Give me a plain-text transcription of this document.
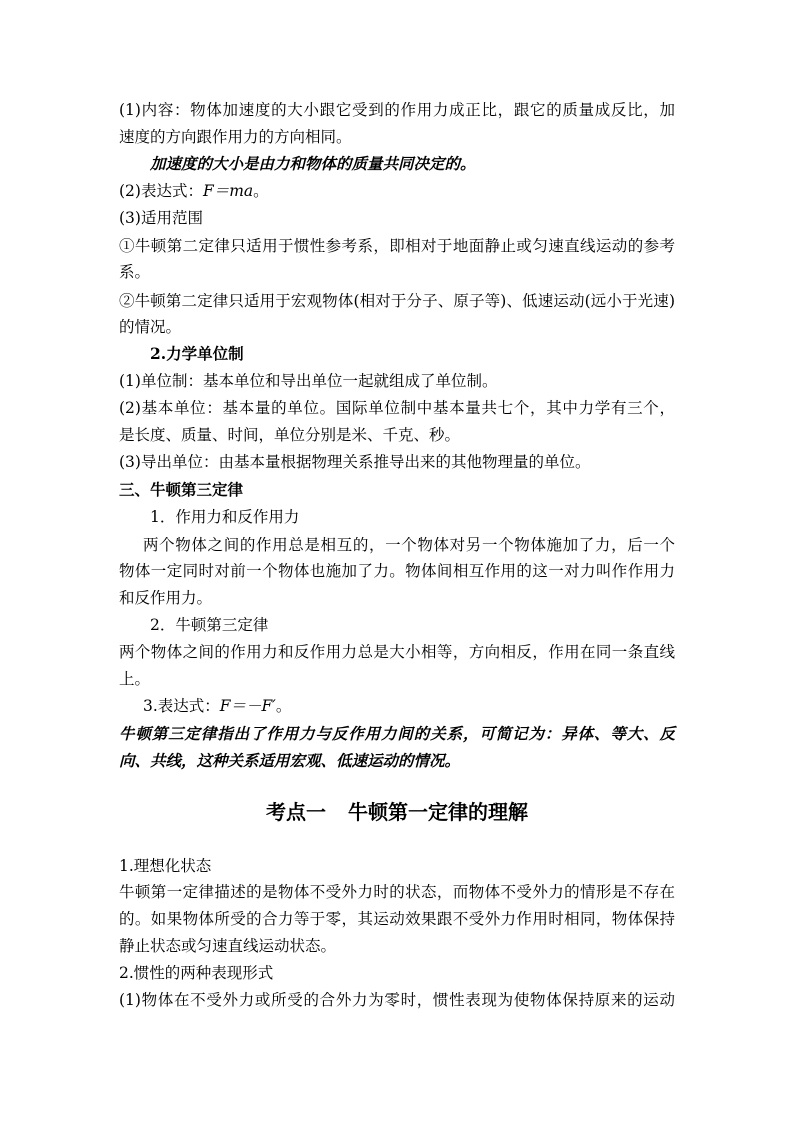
(1)内容：物体加速度的大小跟它受到的作用力成正比，跟它的质量成反比，加
速度的方向跟作用力的方向相同。
加速度的大小是由力和物体的质量共同决定的。
(2)表达式：F＝ma。
(3)适用范围
①牛顿第二定律只适用于惯性参考系，即相对于地面静止或匀速直线运动的参考
系。
②牛顿第二定律只适用于宏观物体(相对于分子、原子等)、低速运动(远小于光速)
的情况。
2.力学单位制
(1)单位制：基本单位和导出单位一起就组成了单位制。
(2)基本单位：基本量的单位。国际单位制中基本量共七个，其中力学有三个，
是长度、质量、时间，单位分别是米、千克、秒。
(3)导出单位：由基本量根据物理关系推导出来的其他物理量的单位。
三、牛顿第三定律
1．作用力和反作用力
两个物体之间的作用总是相互的，一个物体对另一个物体施加了力，后一个
物体一定同时对前一个物体也施加了力。物体间相互作用的这一对力叫作作用力
和反作用力。
2．牛顿第三定律
两个物体之间的作用力和反作用力总是大小相等，方向相反，作用在同一条直线
上。
3.表达式：F＝－F′。
牛顿第三定律指出了作用力与反作用力间的关系，可简记为：异体、等大、反
向、共线，这种关系适用宏观、低速运动的情况。
考点一 牛顿第一定律的理解
1.理想化状态
牛顿第一定律描述的是物体不受外力时的状态，而物体不受外力的情形是不存在
的。如果物体所受的合力等于零，其运动效果跟不受外力作用时相同，物体保持
静止状态或匀速直线运动状态。
2.惯性的两种表现形式
(1)物体在不受外力或所受的合外力为零时，惯性表现为使物体保持原来的运动
